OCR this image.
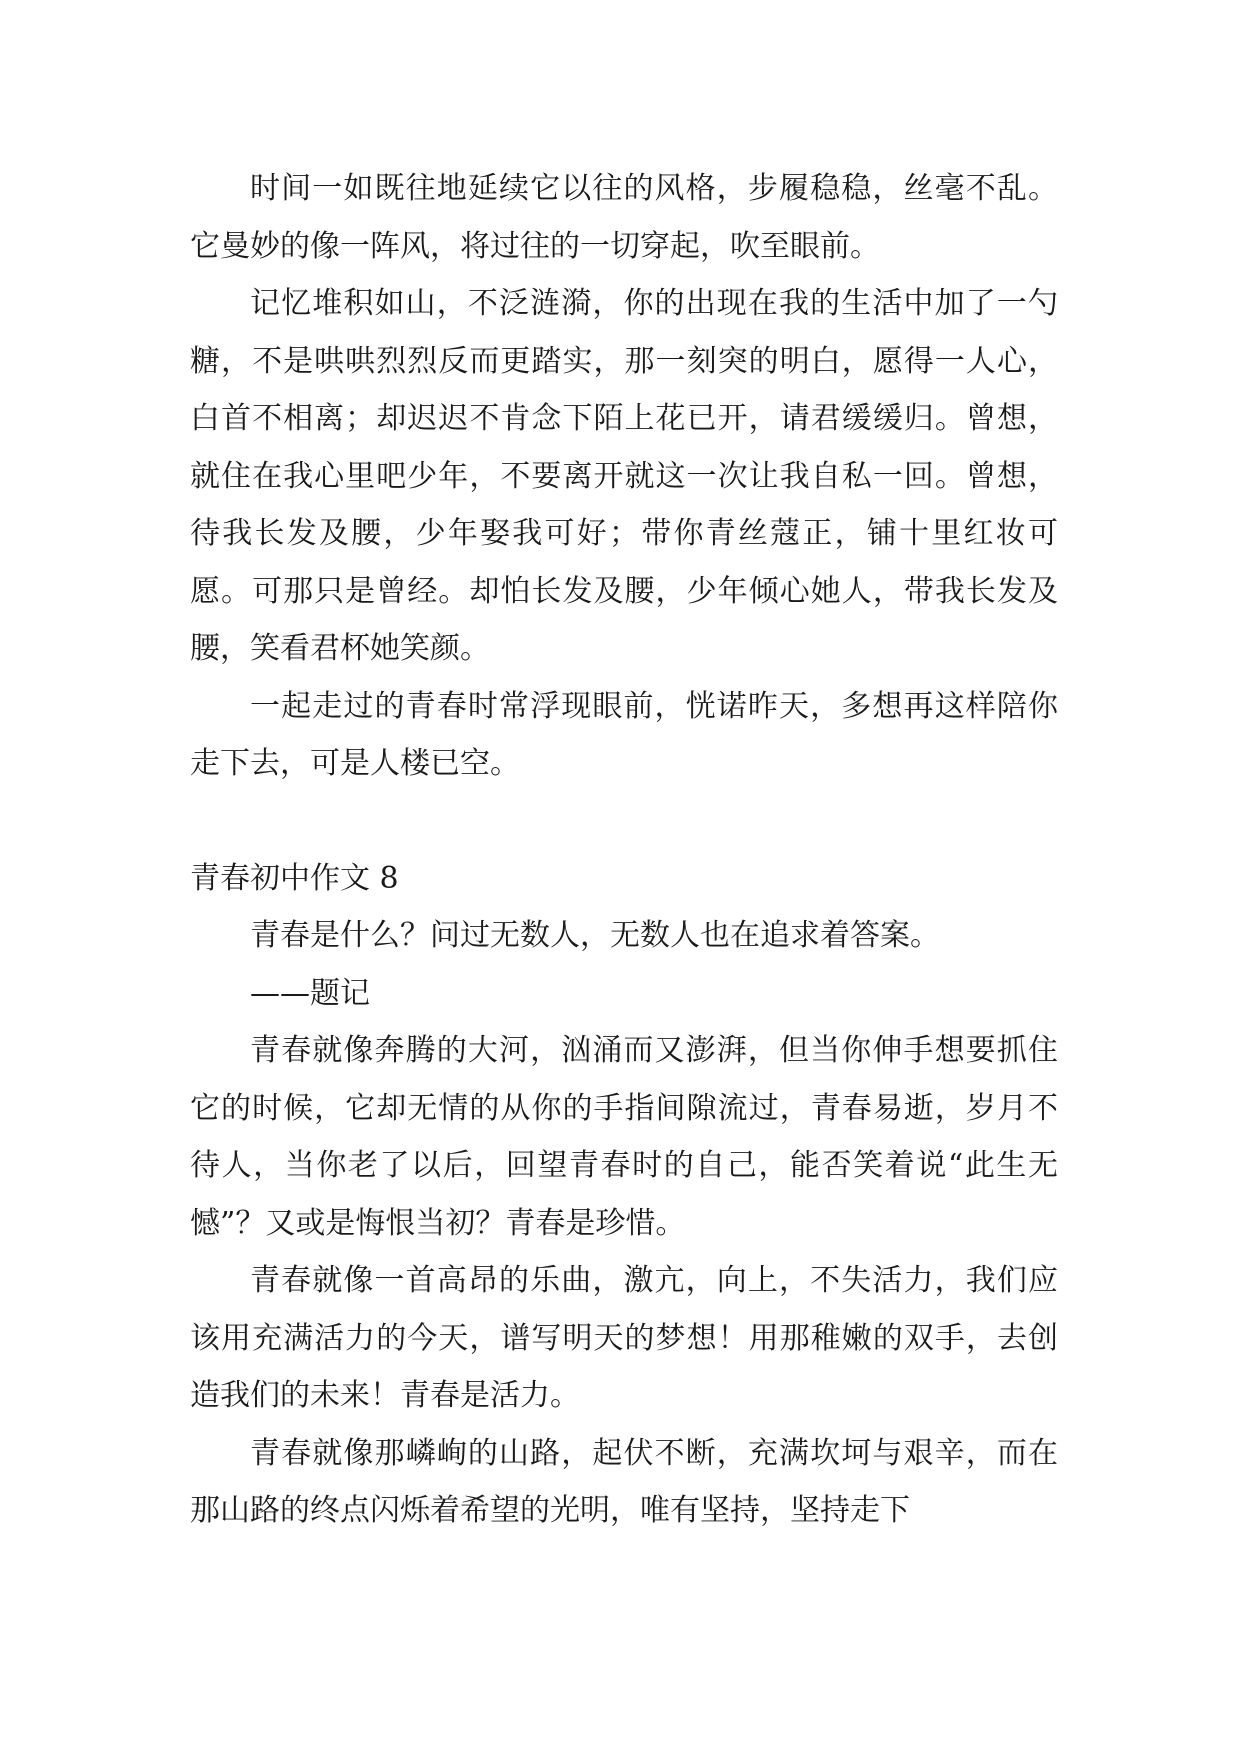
时间一如既往地延续它以往的风格，步履稳稳，丝毫不乱。它曼妙的像一阵风，将过往的一切穿起，吹至眼前。

记忆堆积如山，不泛涟漪，你的出现在我的生活中加了一勺糖，不是哄哄烈烈反而更踏实，那一刻突的明白，愿得一人心，白首不相离；却迟迟不肯念下陌上花已开，请君缓缓归。曾想，就住在我心里吧少年，不要离开就这一次让我自私一回。曾想，待我长发及腰，少年娶我可好；带你青丝蔻正，铺十里红妆可愿。可那只是曾经。却怕长发及腰，少年倾心她人，带我长发及腰，笑看君杯她笑颜。

一起走过的青春时常浮现眼前，恍诺昨天，多想再这样陪你走下去，可是人楼已空。

青春初中作文 8

青春是什么？问过无数人，无数人也在追求着答案。

——题记

青春就像奔腾的大河，汹涌而又澎湃，但当你伸手想要抓住它的时候，它却无情的从你的手指间隙流过，青春易逝，岁月不待人，当你老了以后，回望青春时的自己，能否笑着说“此生无憾”？又或是悔恨当初？青春是珍惜。

青春就像一首高昂的乐曲，激亢，向上，不失活力，我们应该用充满活力的今天，谱写明天的梦想！用那稚嫩的双手，去创造我们的未来！青春是活力。

青春就像那嶙峋的山路，起伏不断，充满坎坷与艰辛，而在那山路的终点闪烁着希望的光明，唯有坚持，坚持走下
